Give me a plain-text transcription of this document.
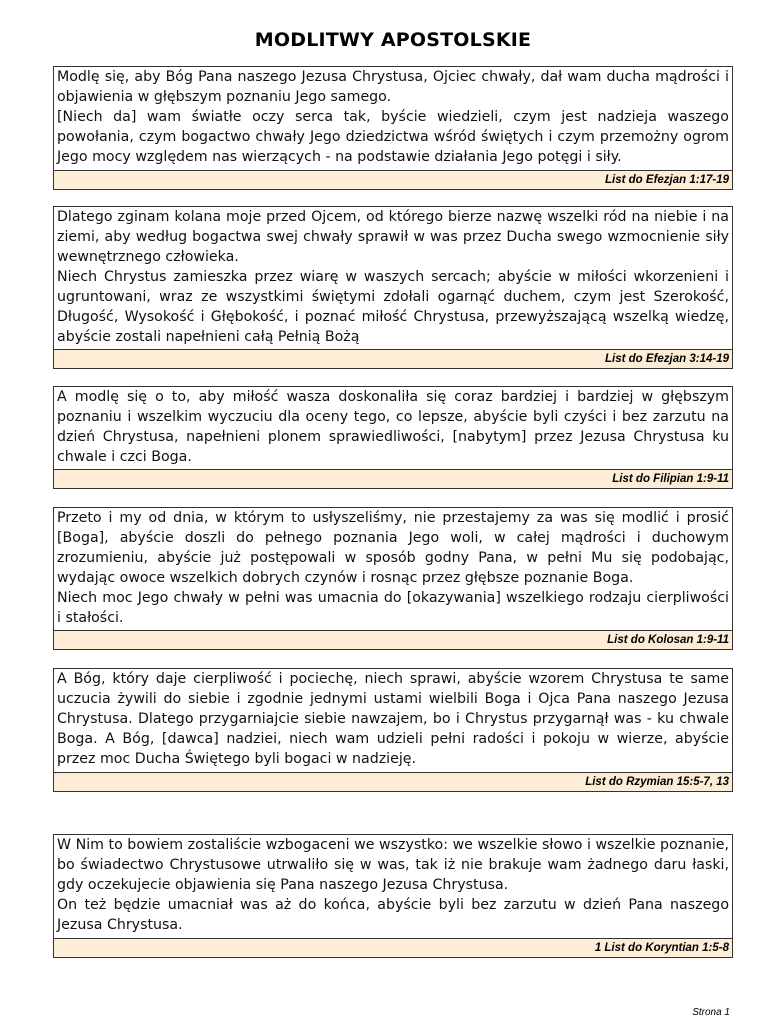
MODLITWY APOSTOLSKIE

Modlę się, aby Bóg Pana naszego Jezusa Chrystusa, Ojciec chwały, dał wam ducha mądrości i objawienia w głębszym poznaniu Jego samego.

[Niech da] wam światłe oczy serca tak, byście wiedzieli, czym jest nadzieja waszego powołania, czym bogactwo chwały Jego dziedzictwa wśród świętych i czym przemożny ogrom Jego mocy względem nas wierzących - na podstawie działania Jego potęgi i siły.

List do Efezjan 1:17-19

Dlatego zginam kolana moje przed Ojcem, od którego bierze nazwę wszelki ród na niebie i na ziemi, aby według bogactwa swej chwały sprawił w was przez Ducha swego wzmocnienie siły wewnętrznego człowieka.

Niech Chrystus zamieszka przez wiarę w waszych sercach; abyście w miłości wkorzenieni i ugruntowani, wraz ze wszystkimi świętymi zdołali ogarnąć duchem, czym jest Szerokość, Długość, Wysokość i Głębokość, i poznać miłość Chrystusa, przewyższającą wszelką wiedzę, abyście zostali napełnieni całą Pełnią Bożą

List do Efezjan 3:14-19

A modlę się o to, aby miłość wasza doskonaliła się coraz bardziej i bardziej w głębszym poznaniu i wszelkim wyczuciu dla oceny tego, co lepsze, abyście byli czyści i bez zarzutu na dzień Chrystusa, napełnieni plonem sprawiedliwości, [nabytym] przez Jezusa Chrystusa ku chwale i czci Boga.

List do Filipian 1:9-11

Przeto i my od dnia, w którym to usłyszeliśmy, nie przestajemy za was się modlić i prosić [Boga], abyście doszli do pełnego poznania Jego woli, w całej mądrości i duchowym zrozumieniu, abyście już postępowali w sposób godny Pana, w pełni Mu się podobając, wydając owoce wszelkich dobrych czynów i rosnąc przez głębsze poznanie Boga.

Niech moc Jego chwały w pełni was umacnia do [okazywania] wszelkiego rodzaju cierpliwości i stałości.

List do Kolosan 1:9-11

A Bóg, który daje cierpliwość i pociechę, niech sprawi, abyście wzorem Chrystusa te same uczucia żywili do siebie i zgodnie jednymi ustami wielbili Boga i Ojca Pana naszego Jezusa Chrystusa. Dlatego przygarniajcie siebie nawzajem, bo i Chrystus przygarnął was - ku chwale Boga. A Bóg, [dawca] nadziei, niech wam udzieli pełni radości i pokoju w wierze, abyście przez moc Ducha Świętego byli bogaci w nadzieję.

List do Rzymian 15:5-7, 13

W Nim to bowiem zostaliście wzbogaceni we wszystko: we wszelkie słowo i wszelkie poznanie, bo świadectwo Chrystusowe utrwaliło się w was, tak iż nie brakuje wam żadnego daru łaski, gdy oczekujecie objawienia się Pana naszego Jezusa Chrystusa.

On też będzie umacniał was aż do końca, abyście byli bez zarzutu w dzień Pana naszego Jezusa Chrystusa.

1 List do Koryntian 1:5-8
Strona 1
